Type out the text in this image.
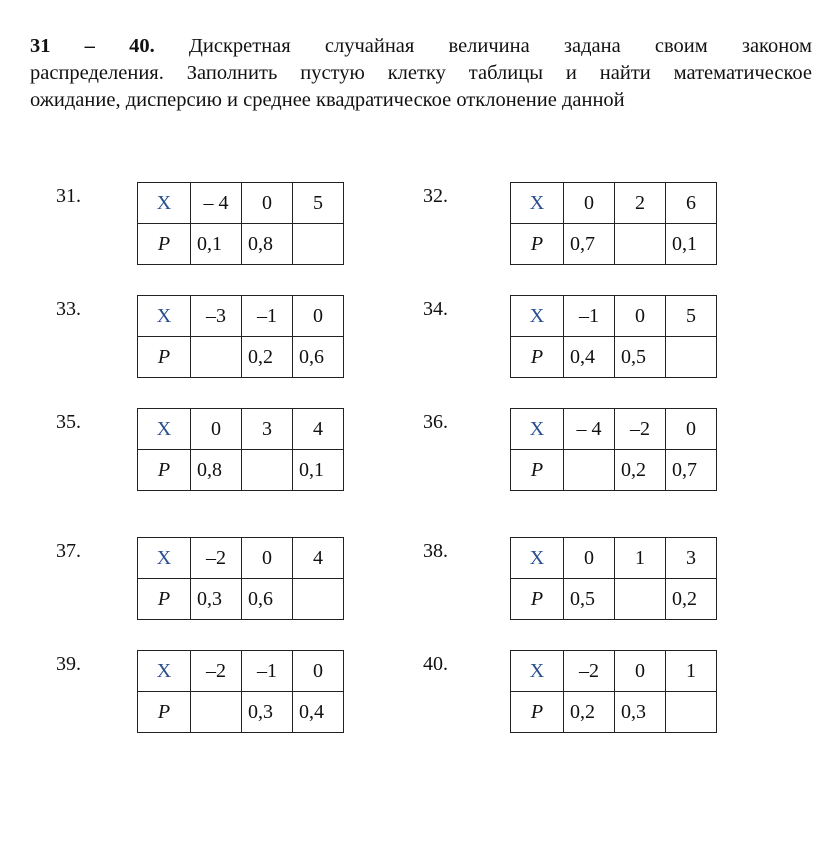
31 – 40. Дискретная случайная величина задана своим законом
распределения. Заполнить пустую клетку таблицы и найти математическое
ожидание, дисперсию и среднее квадратическое отклонение данной
31.	X	– 4	0	5
P	0,1	0,8	
32.	X	0	2	6
P	0,7		0,1
33.	X	–3	–1	0
P		0,2	0,6
34.	X	–1	0	5
P	0,4	0,5	
35.	X	0	3	4
P	0,8		0,1
36.	X	– 4	–2	0
P		0,2	0,7
37.	X	–2	0	4
P	0,3	0,6	
38.	X	0	1	3
P	0,5		0,2
39.	X	–2	–1	0
P		0,3	0,4
40.	X	–2	0	1
P	0,2	0,3	
